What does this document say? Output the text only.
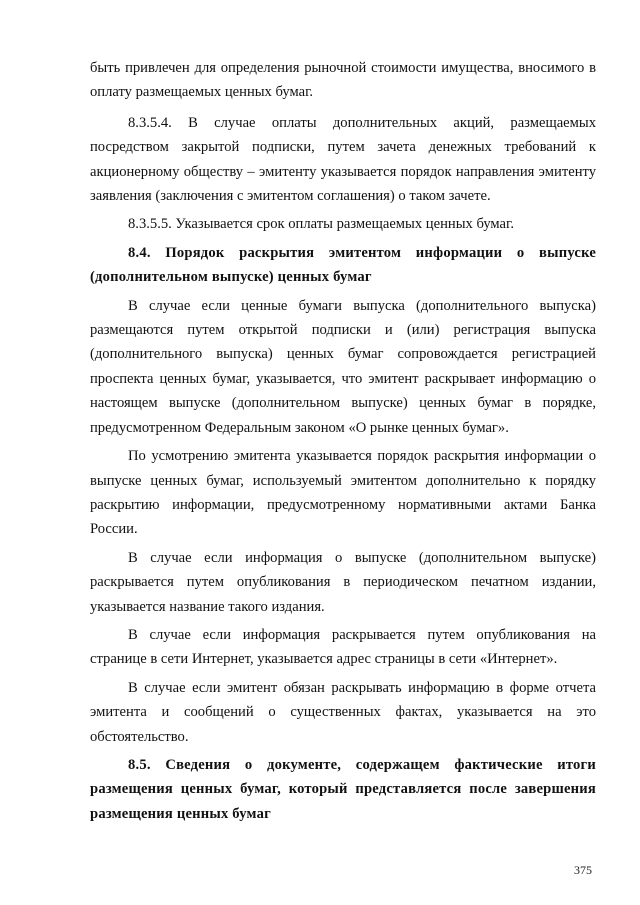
быть привлечен для определения рыночной стоимости имущества, вносимого в оплату размещаемых ценных бумаг.

8.3.5.4. В случае оплаты дополнительных акций, размещаемых посредством закрытой подписки, путем зачета денежных требований к акционерному обществу – эмитенту указывается порядок направления эмитенту заявления (заключения с эмитентом соглашения) о таком зачете.

8.3.5.5. Указывается срок оплаты размещаемых ценных бумаг.

8.4. Порядок раскрытия эмитентом информации о выпуске (дополнительном выпуске) ценных бумаг

В случае если ценные бумаги выпуска (дополнительного выпуска) размещаются путем открытой подписки и (или) регистрация выпуска (дополнительного выпуска) ценных бумаг сопровождается регистрацией проспекта ценных бумаг, указывается, что эмитент раскрывает информацию о настоящем выпуске (дополнительном выпуске) ценных бумаг в порядке, предусмотренном Федеральным законом «О рынке ценных бумаг».

По усмотрению эмитента указывается порядок раскрытия информации о выпуске ценных бумаг, используемый эмитентом дополнительно к порядку раскрытию информации, предусмотренному нормативными актами Банка России.

В случае если информация о выпуске (дополнительном выпуске) раскрывается путем опубликования в периодическом печатном издании, указывается название такого издания.

В случае если информация раскрывается путем опубликования на странице в сети Интернет, указывается адрес страницы в сети «Интернет».

В случае если эмитент обязан раскрывать информацию в форме отчета эмитента и сообщений о существенных фактах, указывается на это обстоятельство.

8.5. Сведения о документе, содержащем фактические итоги размещения ценных бумаг, который представляется после завершения размещения ценных бумаг

375
